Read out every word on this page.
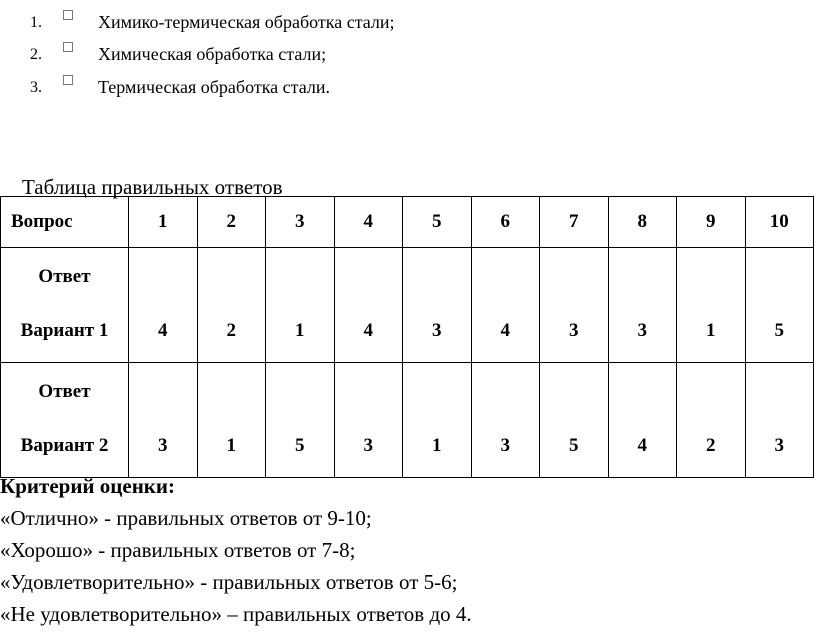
1.	Химико-термическая обработка стали;
2.	Химическая обработка стали;
3.	Термическая обработка стали.
Таблица правильных ответов
Вопрос	1	2	3	4	5	6	7	8	9	10

Ответ
Вариант 1	4	2	1	4	3	4	3	3	1	5

Ответ
Вариант 2	3	1	5	3	1	3	5	4	2	3
Критерий оценки:
«Отлично» - правильных ответов от 9-10;
«Хорошо» - правильных ответов от 7-8;
«Удовлетворительно» - правильных ответов от 5-6;
«Не удовлетворительно» – правильных ответов до 4.
